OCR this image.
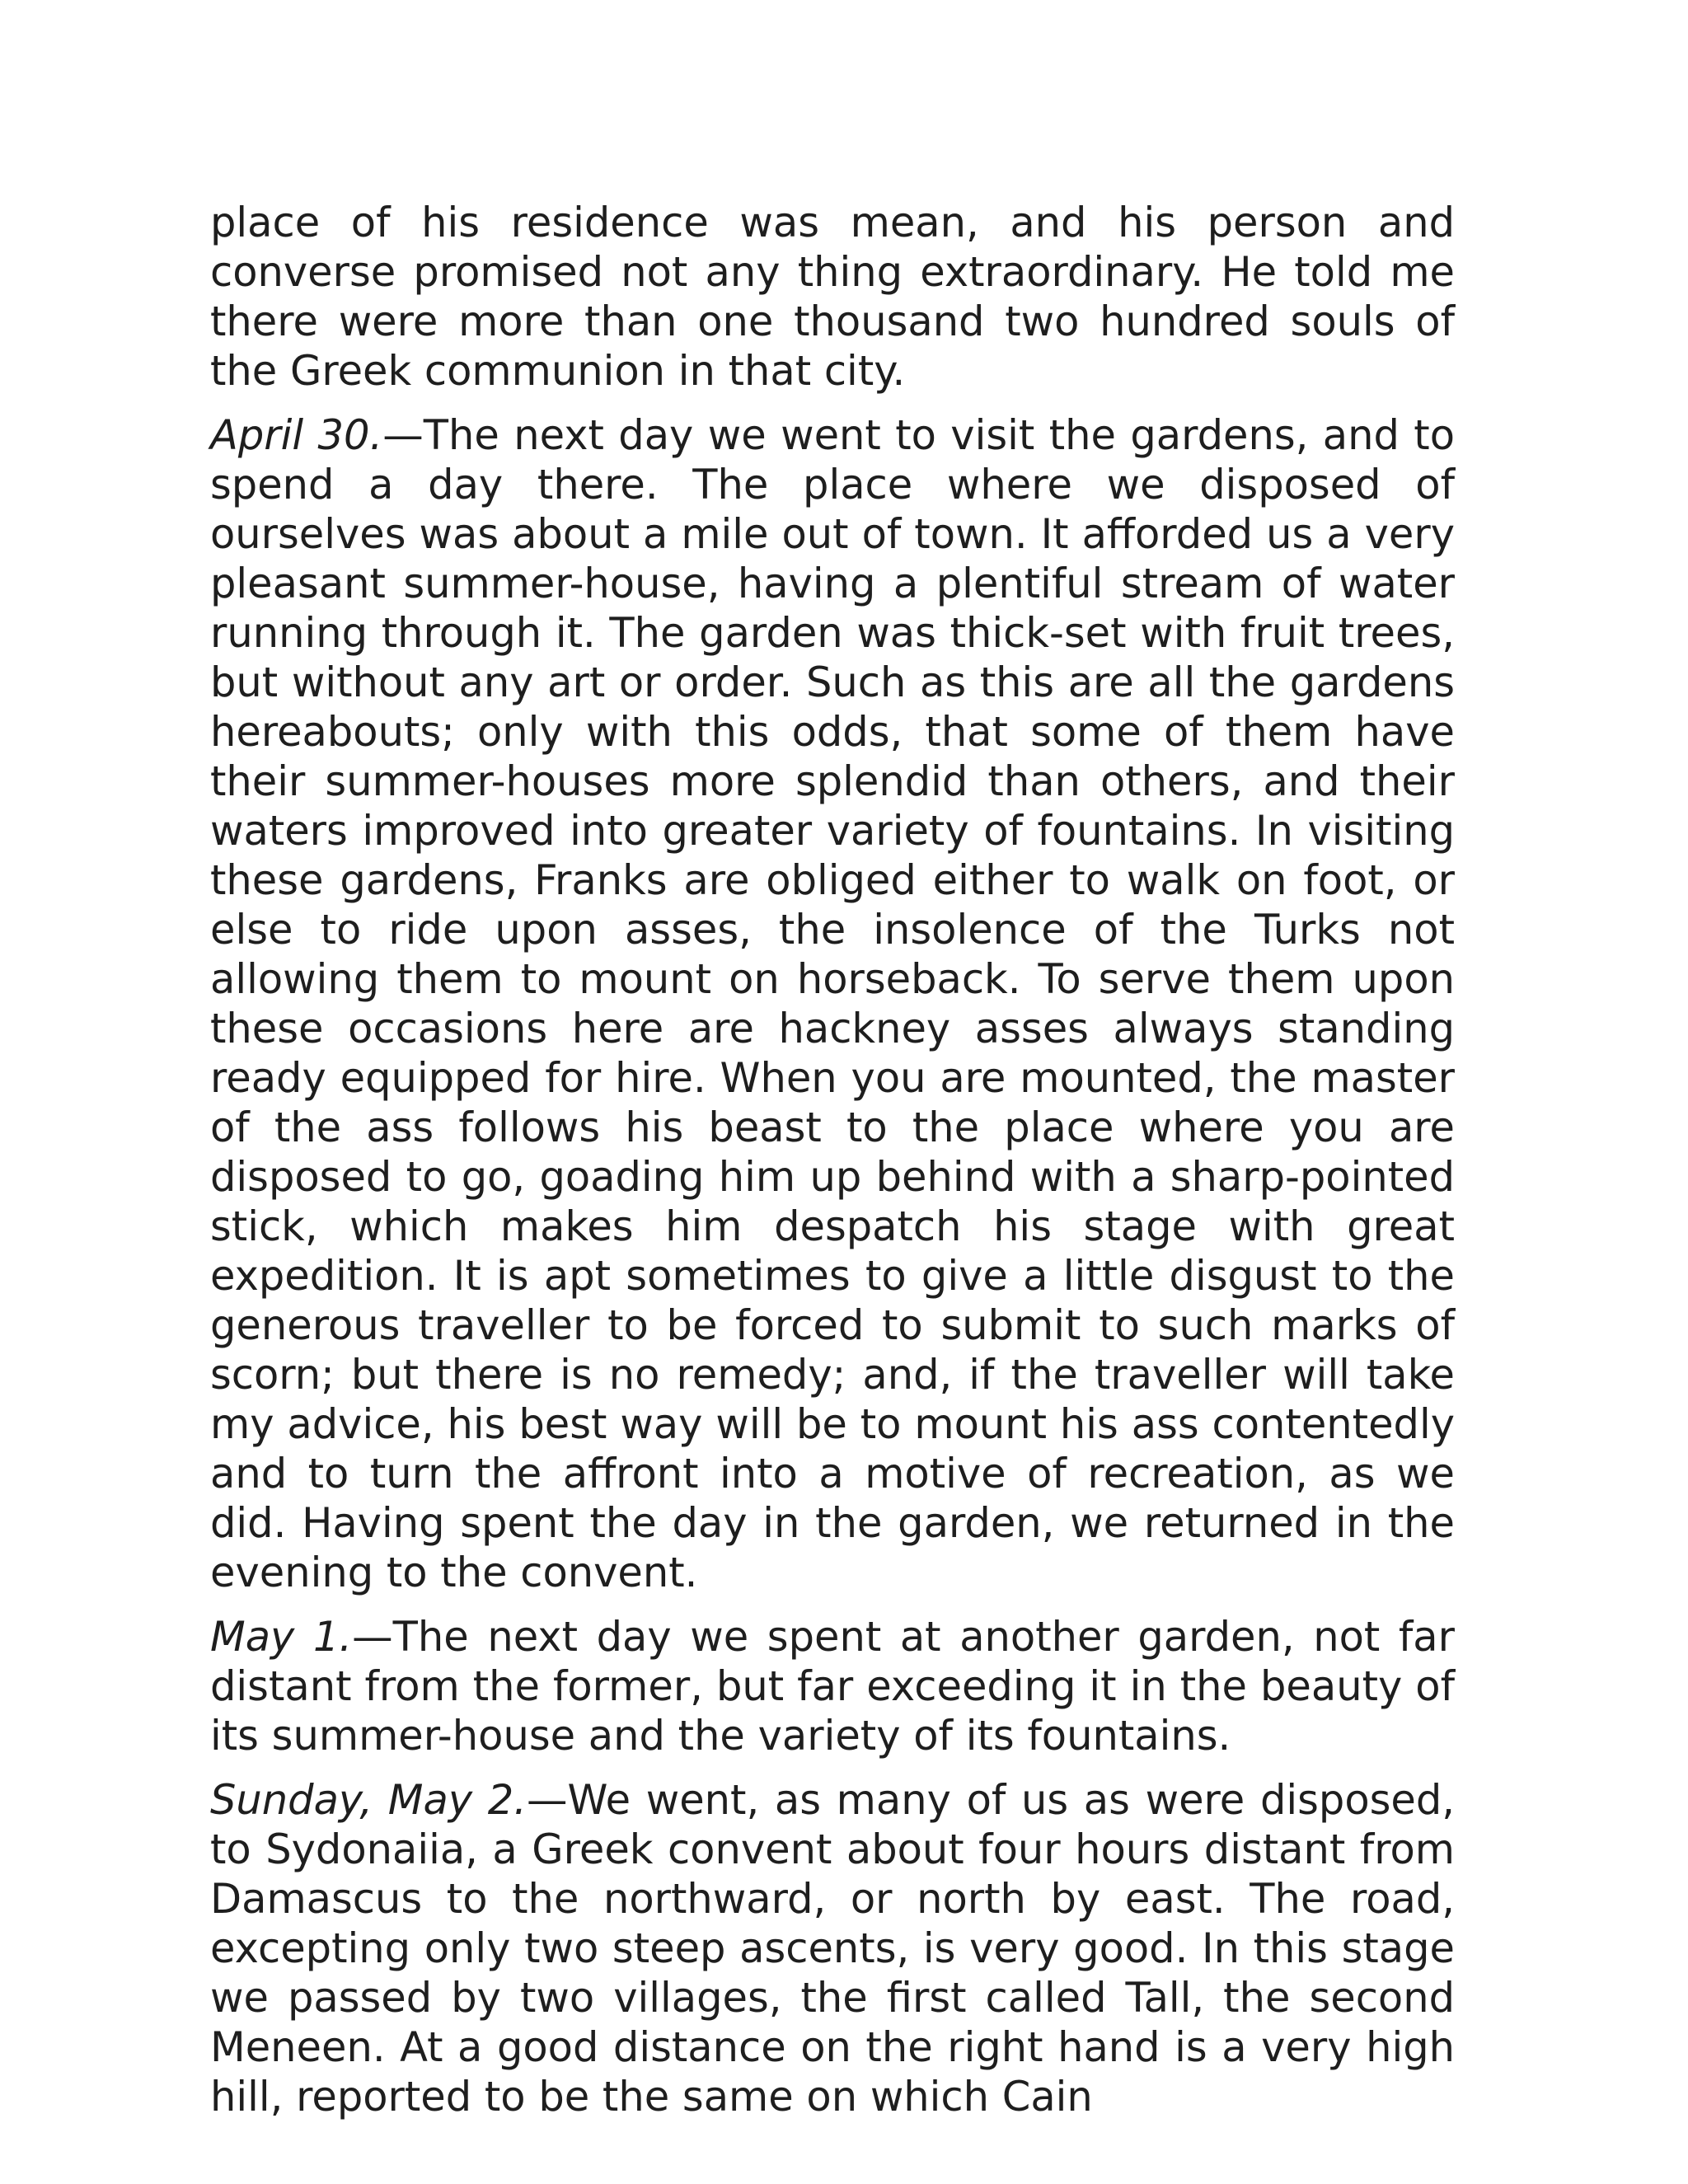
place of his residence was mean, and his person and converse promised not any thing extraordinary. He told me there were more than one thousand two hundred souls of the Greek communion in that city.

April 30.—The next day we went to visit the gardens, and to spend a day there. The place where we disposed of ourselves was about a mile out of town. It afforded us a very pleasant summer-house, having a plentiful stream of water running through it. The garden was thick-set with fruit trees, but without any art or order. Such as this are all the gardens hereabouts; only with this odds, that some of them have their summer-houses more splendid than others, and their waters improved into greater variety of fountains. In visiting these gardens, Franks are obliged either to walk on foot, or else to ride upon asses, the insolence of the Turks not allowing them to mount on horseback. To serve them upon these occasions here are hackney asses always standing ready equipped for hire. When you are mounted, the master of the ass follows his beast to the place where you are disposed to go, goading him up behind with a sharp-pointed stick, which makes him despatch his stage with great expedition. It is apt sometimes to give a little disgust to the generous traveller to be forced to submit to such marks of scorn; but there is no remedy; and, if the traveller will take my advice, his best way will be to mount his ass contentedly and to turn the affront into a motive of recreation, as we did. Having spent the day in the garden, we returned in the evening to the convent.

May 1.—The next day we spent at another garden, not far distant from the former, but far exceeding it in the beauty of its summer-house and the variety of its fountains.

Sunday, May 2.—We went, as many of us as were disposed, to Sydonaiia, a Greek convent about four hours distant from Damascus to the northward, or north by east. The road, excepting only two steep ascents, is very good. In this stage we passed by two villages, the first called Tall, the second Meneen. At a good distance on the right hand is a very high hill, reported to be the same on which Cain
